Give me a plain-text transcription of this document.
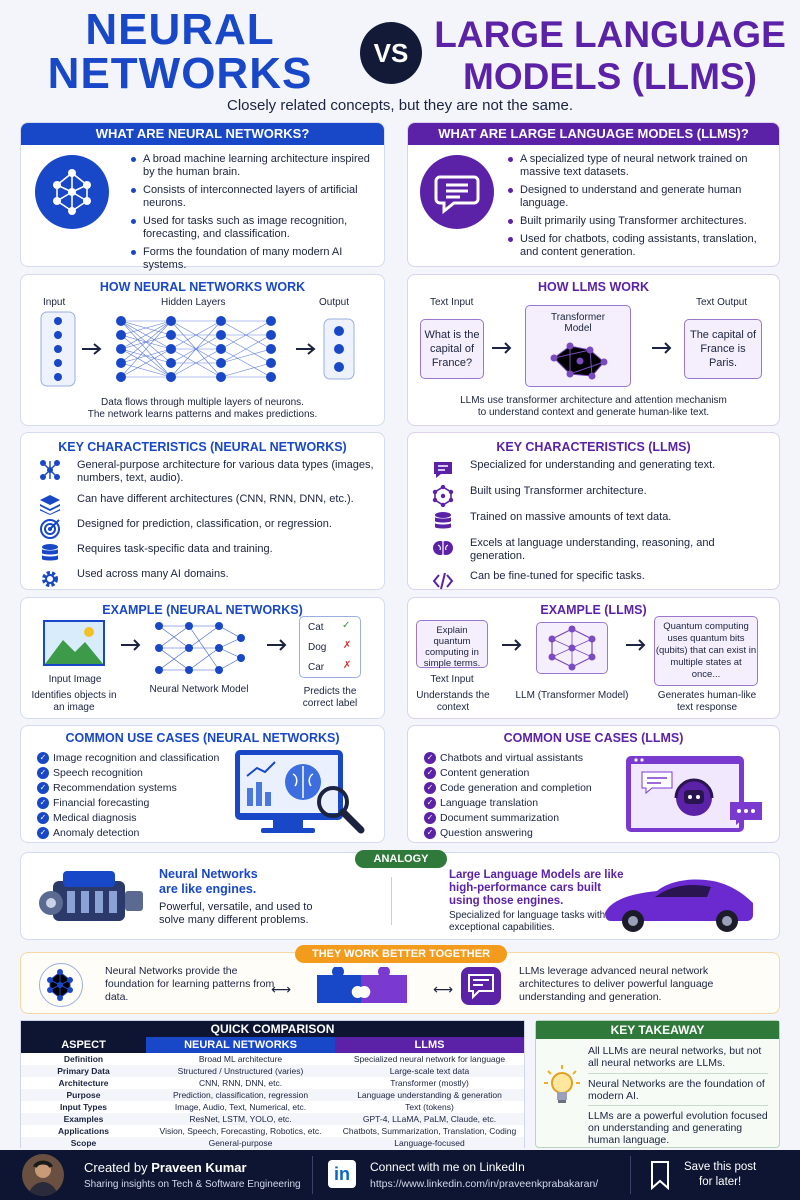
NEURAL
NETWORKS	VS LARGE LANGUAGE
MODELS (LLMS)
Closely related concepts, but they are not the same.
WHAT ARE NEURAL NETWORKS?
A broad machine learning architecture inspired by the human brain.
Consists of interconnected layers of artificial neurons.
Used for tasks such as image recognition, forecasting, and classification.
Forms the foundation of many modern AI systems.
WHAT ARE LARGE LANGUAGE MODELS (LLMS)?
A specialized type of neural network trained on massive text datasets.
Designed to understand and generate human language.
Built primarily using Transformer architectures.
Used for chatbots, coding assistants, translation, and content generation.
HOW NEURAL NETWORKS WORK
Input	Hidden Layers	Output
Data flows through multiple layers of neurons.
The network learns patterns and makes predictions.
HOW LLMS WORK
Text Input	Text Output
What is the capital of France?
Transformer Model
The capital of France is Paris.
LLMs use transformer architecture and attention mechanism
to understand context and generate human-like text.
KEY CHARACTERISTICS (NEURAL NETWORKS)
General-purpose architecture for various data types (images, numbers, text, audio).
Can have different architectures (CNN, RNN, DNN, etc.).
Designed for prediction, classification, or regression.
Requires task-specific data and training.
Used across many AI domains.
KEY CHARACTERISTICS (LLMS)
Specialized for understanding and generating text.
Built using Transformer architecture.
Trained on massive amounts of text data.
Excels at language understanding, reasoning, and generation.
Can be fine-tuned for specific tasks.
EXAMPLE (NEURAL NETWORKS)
Input Image
Identifies objects in an image
Neural Network Model
Cat ✓
Dog ✗
Car ✗
Predicts the correct label
EXAMPLE (LLMS)
Explain quantum computing in simple terms.
Text Input
Understands the context
LLM (Transformer Model)
Quantum computing uses quantum bits (qubits) that can exist in multiple states at once...
Generates human-like text response
COMMON USE CASES (NEURAL NETWORKS)
✓ Image recognition and classification
✓ Speech recognition
✓ Recommendation systems
✓ Financial forecasting
✓ Medical diagnosis
✓ Anomaly detection
COMMON USE CASES (LLMS)
✓ Chatbots and virtual assistants
✓ Content generation
✓ Code generation and completion
✓ Language translation
✓ Document summarization
✓ Question answering
ANALOGY
Neural Networks
are like engines.
Powerful, versatile, and used to solve many different problems.
Large Language Models are like high-performance cars built using those engines.
Specialized for language tasks with exceptional capabilities.
THEY WORK BETTER TOGETHER
Neural Networks provide the foundation for learning patterns from data.	⟷	⟷
LLMs leverage advanced neural network architectures to deliver powerful language understanding and generation.
QUICK COMPARISON
ASPECT	NEURAL NETWORKS	LLMS
Definition	Broad ML architecture	Specialized neural network for language
Primary Data	Structured / Unstructured (varies)	Large-scale text data
Architecture	CNN, RNN, DNN, etc.	Transformer (mostly)
Purpose	Prediction, classification, regression	Language understanding & generation
Input Types	Image, Audio, Text, Numerical, etc.	Text (tokens)
Examples	ResNet, LSTM, YOLO, etc.	GPT-4, LLaMA, PaLM, Claude, etc.
Applications	Vision, Speech, Forecasting, Robotics, etc.	Chatbots, Summarization, Translation, Coding
Scope	General-purpose	Language-focused
KEY TAKEAWAY
All LLMs are neural networks, but not all neural networks are LLMs.
Neural Networks are the foundation of modern AI.
LLMs are a powerful evolution focused on understanding and generating human language.
Created by Praveen Kumar
Sharing insights on Tech & Software Engineering
in	Connect with me on LinkedIn
https://www.linkedin.com/in/praveenkprabakaran/
Save this post
for later!
